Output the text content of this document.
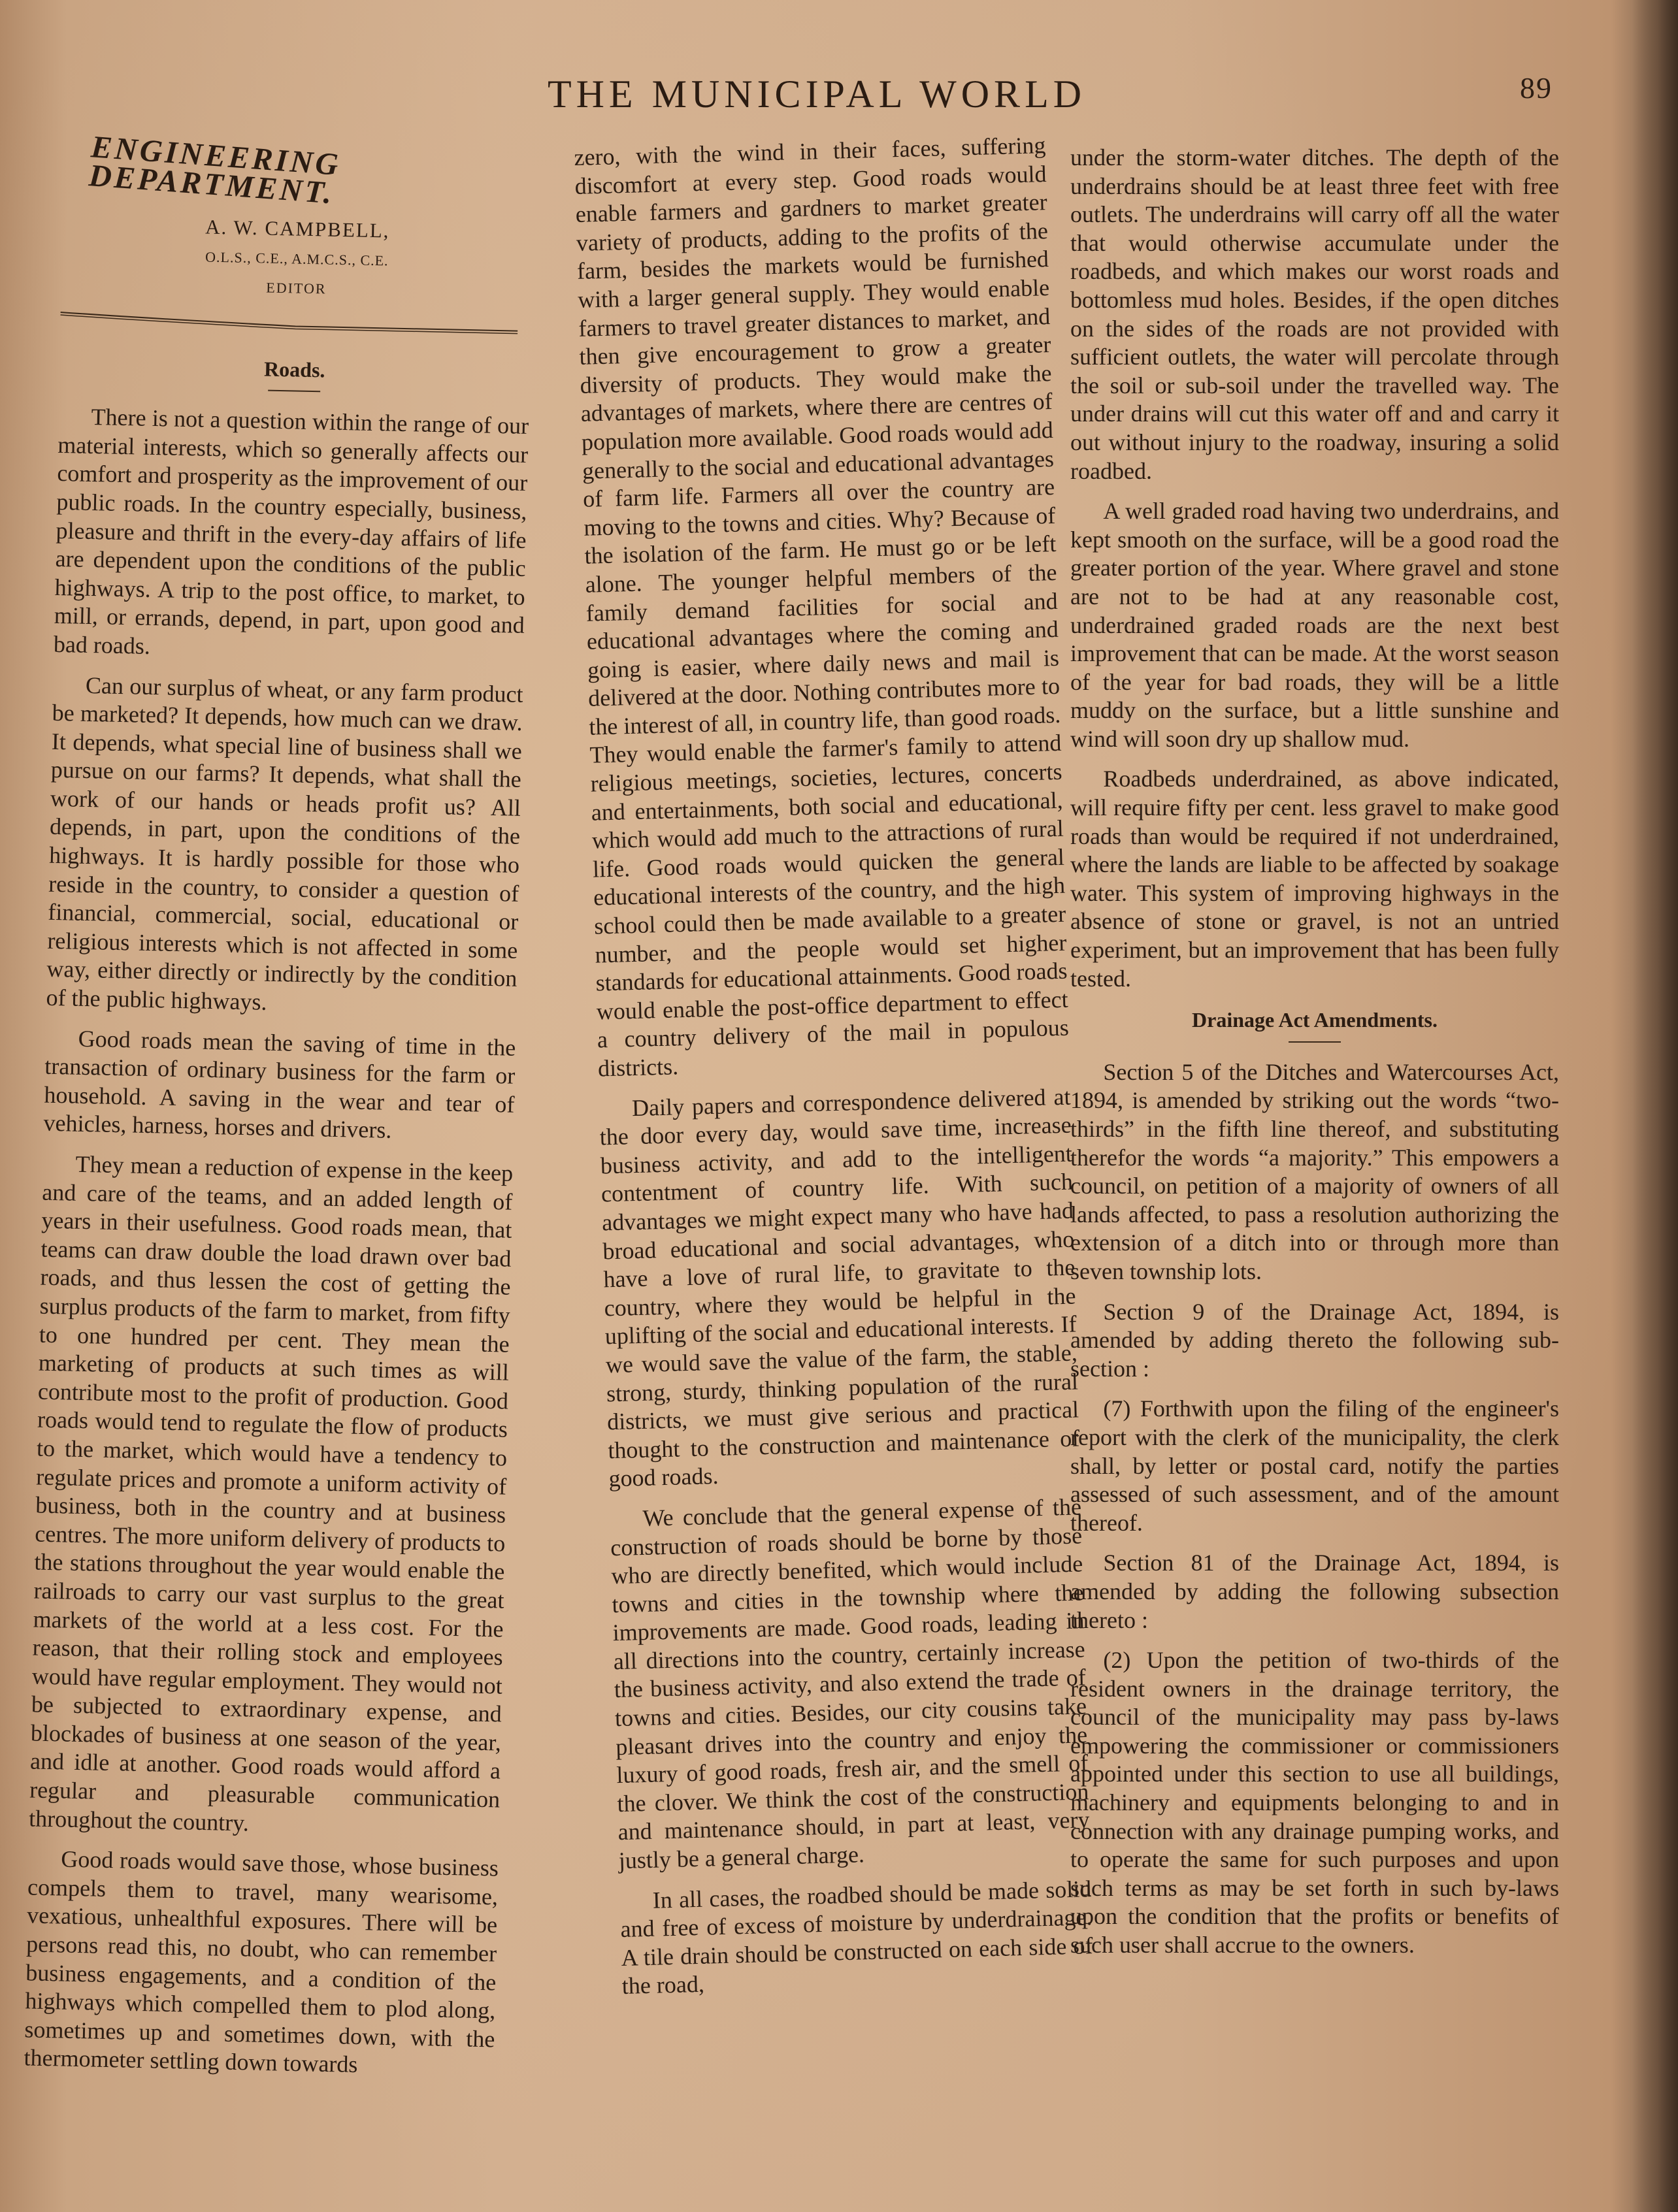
THE MUNICIPAL WORLD	89
ENGINEERING DEPARTMENT.
A. W. CAMPBELL,
O.L.S., C.E., A.M.C.S., C.E.
EDITOR
Roads.

There is not a question within the range of our material interests, which so generally affects our comfort and prosperity as the improvement of our public roads. In the country especially, business, pleasure and thrift in the every-day affairs of life are dependent upon the conditions of the public highways. A trip to the post office, to market, to mill, or errands, depend, in part, upon good and bad roads.

Can our surplus of wheat, or any farm product be marketed? It depends, how much can we draw. It depends, what special line of business shall we pursue on our farms? It depends, what shall the work of our hands or heads profit us? All depends, in part, upon the conditions of the highways. It is hardly possible for those who reside in the country, to consider a question of financial, commercial, social, educational or religious interests which is not affected in some way, either directly or indirectly by the condition of the public highways.

Good roads mean the saving of time in the transaction of ordinary business for the farm or household. A saving in the wear and tear of vehicles, harness, horses and drivers.

They mean a reduction of expense in the keep and care of the teams, and an added length of years in their usefulness. Good roads mean, that teams can draw double the load drawn over bad roads, and thus lessen the cost of getting the surplus products of the farm to market, from fifty to one hundred per cent. They mean the marketing of products at such times as will contribute most to the profit of production. Good roads would tend to regulate the flow of products to the market, which would have a tendency to regulate prices and promote a uniform activity of business, both in the country and at business centres. The more uniform delivery of products to the stations throughout the year would enable the railroads to carry our vast surplus to the great markets of the world at a less cost. For the reason, that their rolling stock and employees would have regular employment. They would not be subjected to extraordinary expense, and blockades of business at one season of the year, and idle at another. Good roads would afford a regular and pleasurable communication throughout the country.

Good roads would save those, whose business compels them to travel, many wearisome, vexatious, unhealthful exposures. There will be persons read this, no doubt, who can remember business engagements, and a condition of the highways which compelled them to plod along, sometimes up and sometimes down, with the thermometer settling down towards

zero, with the wind in their faces, suffering discomfort at every step. Good roads would enable farmers and gardners to market greater variety of products, adding to the profits of the farm, besides the markets would be furnished with a larger general supply. They would enable farmers to travel greater distances to market, and then give encouragement to grow a greater diversity of products. They would make the advantages of markets, where there are centres of population more available. Good roads would add generally to the social and educational advantages of farm life. Farmers all over the country are moving to the towns and cities. Why? Because of the isolation of the farm. He must go or be left alone. The younger helpful members of the family demand facilities for social and educational advantages where the coming and going is easier, where daily news and mail is delivered at the door. Nothing contributes more to the interest of all, in country life, than good roads. They would enable the farmer's family to attend religious meetings, societies, lectures, concerts and entertainments, both social and educational, which would add much to the attractions of rural life. Good roads would quicken the general educational interests of the country, and the high school could then be made available to a greater number, and the people would set higher standards for educational attainments. Good roads would enable the post-office department to effect a country delivery of the mail in populous districts.

Daily papers and correspondence delivered at the door every day, would save time, increase business activity, and add to the intelligent contentment of country life. With such advantages we might expect many who have had broad educational and social advantages, who have a love of rural life, to gravitate to the country, where they would be helpful in the uplifting of the social and educational interests. If we would save the value of the farm, the stable, strong, sturdy, thinking population of the rural districts, we must give serious and practical thought to the construction and maintenance of good roads.

We conclude that the general expense of the construction of roads should be borne by those who are directly benefited, which would include towns and cities in the township where the improvements are made. Good roads, leading in all directions into the country, certainly increase the business activity, and also extend the trade of towns and cities. Besides, our city cousins take pleasant drives into the country and enjoy the luxury of good roads, fresh air, and the smell of the clover. We think the cost of the construction and maintenance should, in part at least, very justly be a general charge.

In all cases, the roadbed should be made solid and free of excess of moisture by underdrainage. A tile drain should be constructed on each side of the road,

under the storm-water ditches. The depth of the underdrains should be at least three feet with free outlets. The underdrains will carry off all the water that would otherwise accumulate under the roadbeds, and which makes our worst roads and bottomless mud holes. Besides, if the open ditches on the sides of the roads are not provided with sufficient outlets, the water will percolate through the soil or sub-soil under the travelled way. The under drains will cut this water off and and carry it out without injury to the roadway, insuring a solid roadbed.

A well graded road having two underdrains, and kept smooth on the surface, will be a good road the greater portion of the year. Where gravel and stone are not to be had at any reasonable cost, underdrained graded roads are the next best improvement that can be made. At the worst season of the year for bad roads, they will be a little muddy on the surface, but a little sunshine and wind will soon dry up shallow mud.

Roadbeds underdrained, as above indicated, will require fifty per cent. less gravel to make good roads than would be required if not underdrained, where the lands are liable to be affected by soakage water. This system of improving highways in the absence of stone or gravel, is not an untried experiment, but an improvement that has been fully tested.

Drainage Act Amendments.

Section 5 of the Ditches and Watercourses Act, 1894, is amended by striking out the words “two-thirds” in the fifth line thereof, and substituting therefor the words “a majority.” This empowers a council, on petition of a majority of owners of all lands affected, to pass a resolution authorizing the extension of a ditch into or through more than seven township lots.

Section 9 of the Drainage Act, 1894, is amended by adding thereto the following sub-section :

(7) Forthwith upon the filing of the engineer's report with the clerk of the municipality, the clerk shall, by letter or postal card, notify the parties assessed of such assessment, and of the amount thereof.

Section 81 of the Drainage Act, 1894, is amended by adding the following subsection thereto :

(2) Upon the petition of two-thirds of the resident owners in the drainage territory, the council of the municipality may pass by-laws empowering the commissioner or commissioners appointed under this section to use all buildings, machinery and equipments belonging to and in connection with any drainage pumping works, and to operate the same for such purposes and upon such terms as may be set forth in such by-laws upon the condition that the profits or benefits of such user shall accrue to the owners.
